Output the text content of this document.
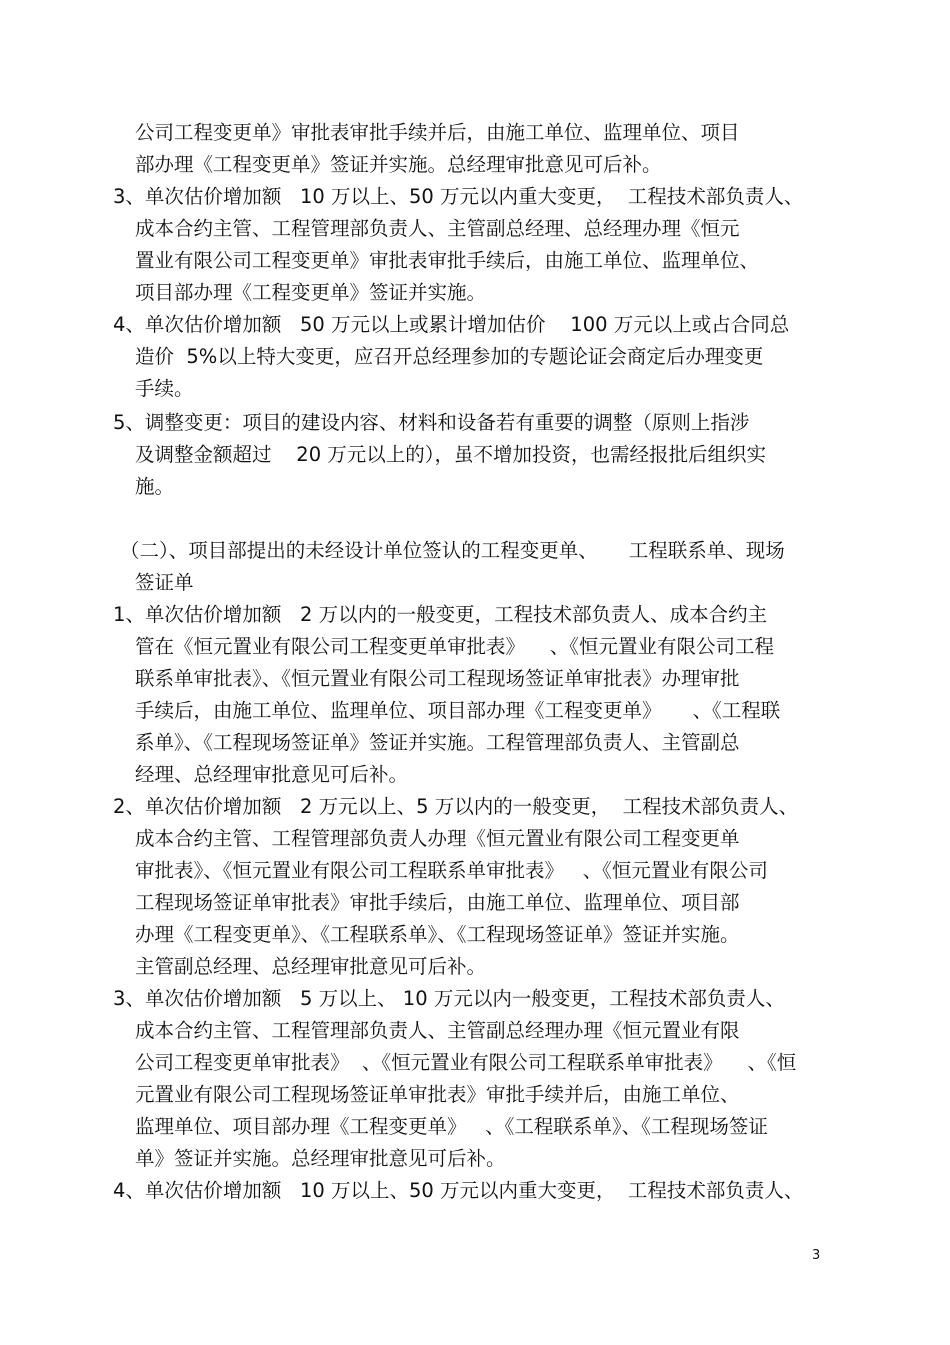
公司工程变更单》审批表审批手续并后，由施工单位、监理单位、项目
部办理《工程变更单》签证并实施。总经理审批意见可后补。
3、单次估价增加额   10 万以上、50 万元以内重大变更，  工程技术部负责人、
成本合约主管、工程管理部负责人、主管副总经理、总经理办理《恒元
置业有限公司工程变更单》审批表审批手续后，由施工单位、监理单位、
项目部办理《工程变更单》签证并实施。
4、单次估价增加额   50 万元以上或累计增加估价    100 万元以上或占合同总
造价  5%以上特大变更，应召开总经理参加的专题论证会商定后办理变更
手续。
5、调整变更：项目的建设内容、材料和设备若有重要的调整（原则上指涉
及调整金额超过    20 万元以上的），虽不增加投资，也需经报批后组织实
施。
（二）、项目部提出的未经设计单位签认的工程变更单、     工程联系单、现场
签证单
1、单次估价增加额   2 万以内的一般变更，工程技术部负责人、成本合约主
管在《恒元置业有限公司工程变更单审批表》    、《恒元置业有限公司工程
联系单审批表》、《恒元置业有限公司工程现场签证单审批表》办理审批
手续后，由施工单位、监理单位、项目部办理《工程变更单》     、《工程联
系单》、《工程现场签证单》签证并实施。工程管理部负责人、主管副总
经理、总经理审批意见可后补。
2、单次估价增加额   2 万元以上、5 万以内的一般变更，  工程技术部负责人、
成本合约主管、工程管理部负责人办理《恒元置业有限公司工程变更单
审批表》、《恒元置业有限公司工程联系单审批表》   、《恒元置业有限公司
工程现场签证单审批表》审批手续后，由施工单位、监理单位、项目部
办理《工程变更单》、《工程联系单》、《工程现场签证单》签证并实施。
主管副总经理、总经理审批意见可后补。
3、单次估价增加额   5 万以上、 10 万元以内一般变更，工程技术部负责人、
成本合约主管、工程管理部负责人、主管副总经理办理《恒元置业有限
公司工程变更单审批表》  、《恒元置业有限公司工程联系单审批表》    、《恒
元置业有限公司工程现场签证单审批表》审批手续并后，由施工单位、
监理单位、项目部办理《工程变更单》   、《工程联系单》、《工程现场签证
单》签证并实施。总经理审批意见可后补。
4、单次估价增加额   10 万以上、50 万元以内重大变更，  工程技术部负责人、
3
